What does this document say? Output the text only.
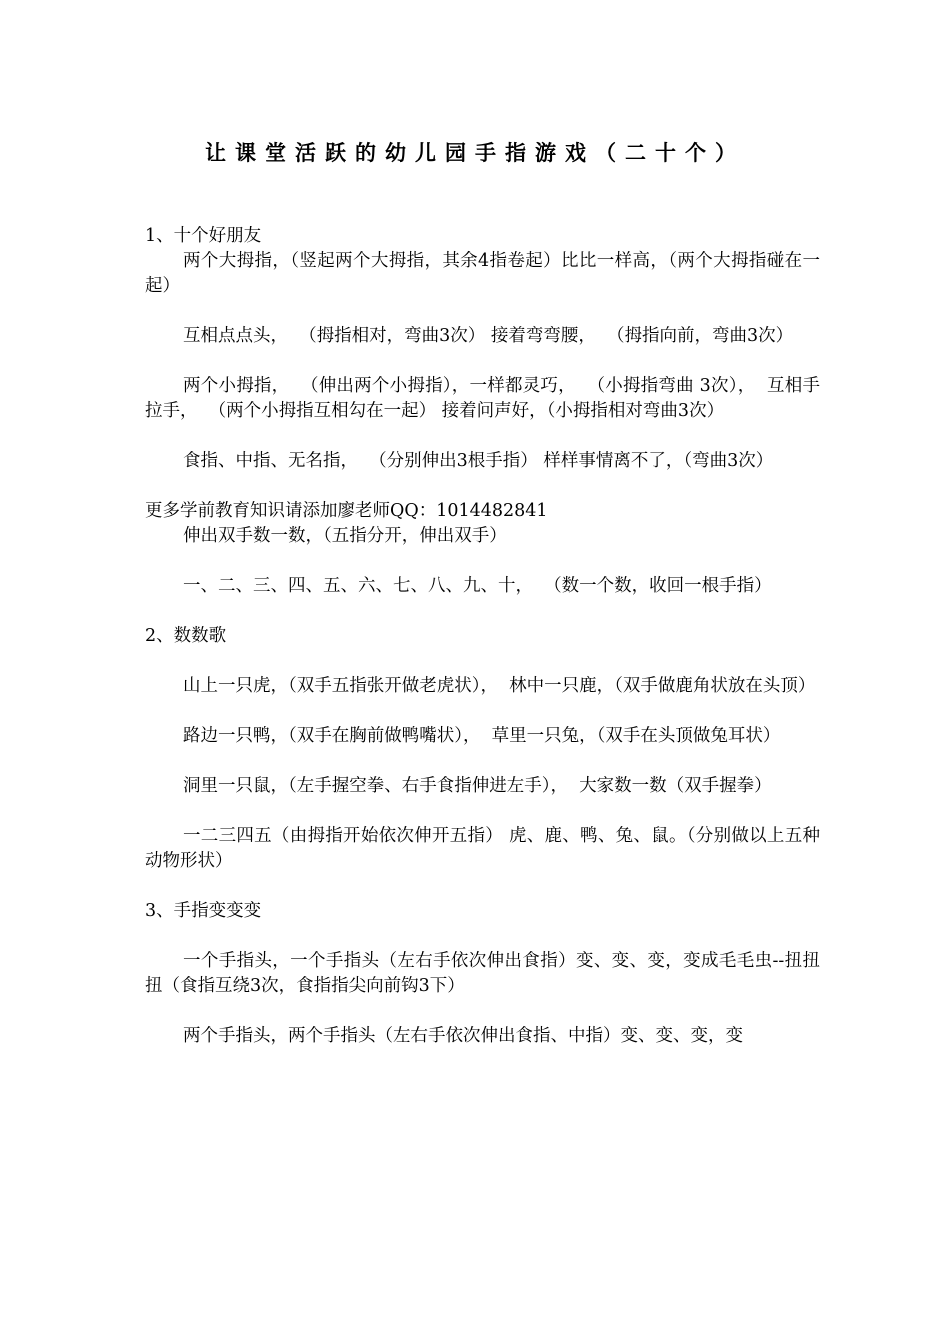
让课堂活跃的幼儿园手指游戏（二十个）

1、十个好朋友

两个大拇指，（竖起两个大拇指，其余4指卷起）比比一样高，（两个大拇指碰在一起）

互相点点头，  （拇指相对，弯曲3次） 接着弯弯腰，  （拇指向前，弯曲3次）

两个小拇指，  （伸出两个小拇指），一样都灵巧，  （小拇指弯曲 3次），  互相手拉手，  （两个小拇指互相勾在一起） 接着问声好，（小拇指相对弯曲3次）

食指、中指、无名指，  （分别伸出3根手指） 样样事情离不了，（弯曲3次）

更多学前教育知识请添加廖老师QQ：1014482841

伸出双手数一数，（五指分开，伸出双手）

一、二、三、四、五、六、七、八、九、十，  （数一个数，收回一根手指）

2、数数歌

山上一只虎，（双手五指张开做老虎状），  林中一只鹿，（双手做鹿角状放在头顶）

路边一只鸭，（双手在胸前做鸭嘴状），  草里一只兔，（双手在头顶做兔耳状）

洞里一只鼠，（左手握空拳、右手食指伸进左手），  大家数一数（双手握拳）

一二三四五（由拇指开始依次伸开五指） 虎、鹿、鸭、兔、鼠。（分别做以上五种动物形状）

3、手指变变变

一个手指头，一个手指头（左右手依次伸出食指）变、变、变，变成毛毛虫--扭扭扭（食指互绕3次，食指指尖向前钩3下）

两个手指头，两个手指头（左右手依次伸出食指、中指）变、变、变，变
